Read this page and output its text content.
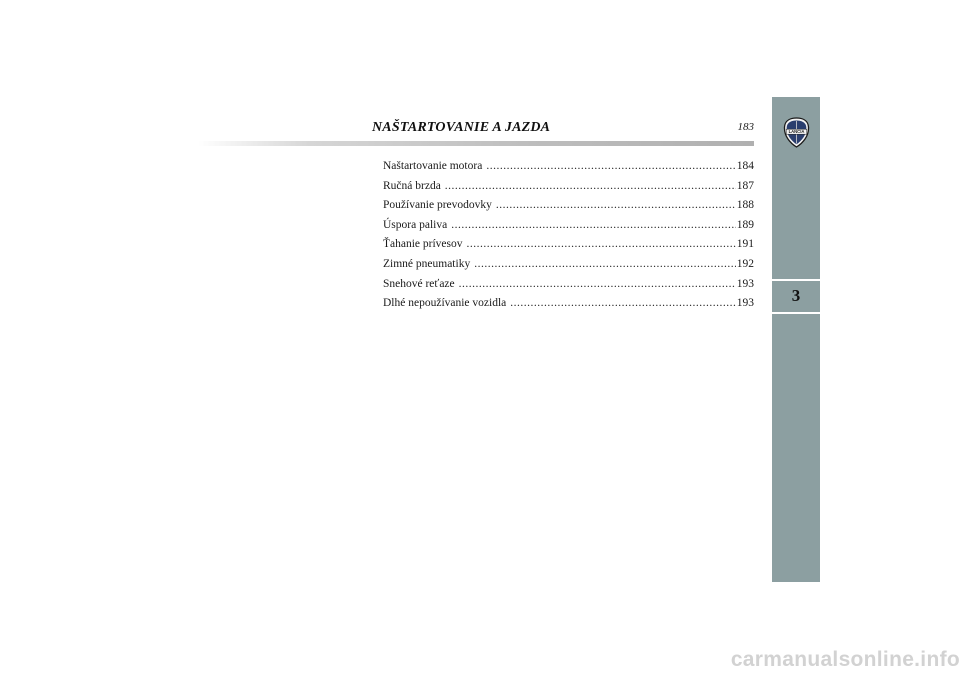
NAŠTARTOVANIE A JAZDA	183
Naštartovanie motora .....	184
Ručná brzda .....	187
Používanie prevodovky .....	188
Úspora paliva .....	189
Ťahanie prívesov .....	191
Zimné pneumatiky .....	192
Snehové reťaze .....	193
Dlhé nepoužívanie vozidla .....	193	3
LANCIA
carmanualsonline.info
